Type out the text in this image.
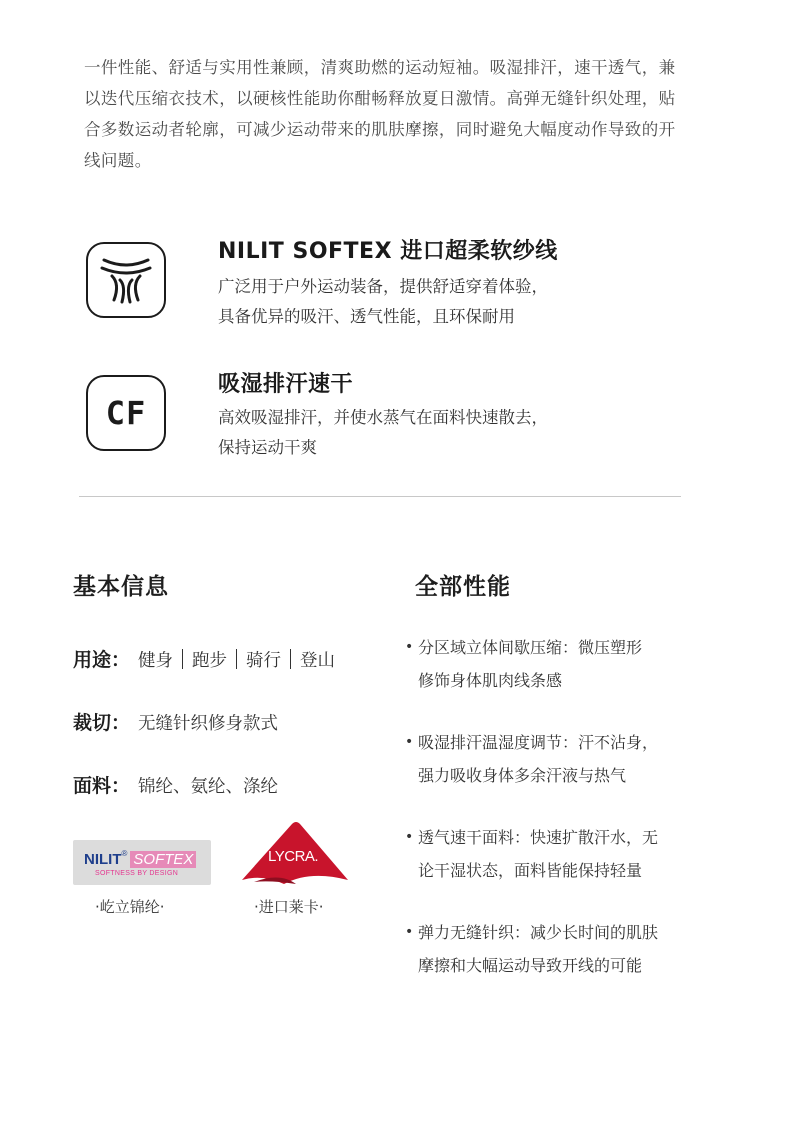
一件性能、舒适与实用性兼顾，清爽助燃的运动短袖。吸湿排汗，速干透气，兼以迭代压缩衣技术，以硬核性能助你酣畅释放夏日激情。高弹无缝针织处理，贴合多数运动者轮廓，可减少运动带来的肌肤摩擦，同时避免大幅度动作导致的开线问题。
NILIT SOFTEX 进口超柔软纱线
广泛用于户外运动装备，提供舒适穿着体验，
具备优异的吸汗、透气性能，且环保耐用
CF
吸湿排汗速干
高效吸湿排汗，并使水蒸气在面料快速散去，
保持运动干爽
基本信息
用途： 健身 跑步 骑行 登山
裁切： 无缝针织修身款式
面料： 锦纶、氨纶、涤纶
NILIT® SOFTEX
SOFTNESS BY DESIGN
·屹立锦纶·
LYCRA.
·进口莱卡·
全部性能
• 分区域立体间歇压缩：微压塑形
修饰身体肌肉线条感
• 吸湿排汗温湿度调节：汗不沾身，
强力吸收身体多余汗液与热气
• 透气速干面料：快速扩散汗水，无
论干湿状态，面料皆能保持轻量
• 弹力无缝针织：减少长时间的肌肤
摩擦和大幅运动导致开线的可能
